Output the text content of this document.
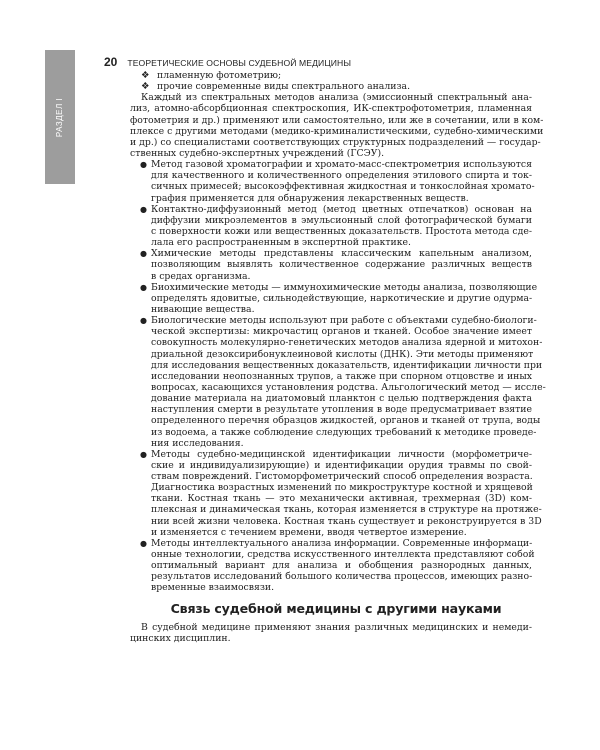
РАЗДЕЛ I
20 ТЕОРЕТИЧЕСКИЕ ОСНОВЫ СУДЕБНОЙ МЕДИЦИНЫ
❖ пламенную фотометрию;
❖ прочие современные виды спектрального анализа.
Каждый из спектральных методов анализа (эмиссионный спектральный ана-
лиз, атомно-абсорбционная спектроскопия, ИК-спектрофотометрия, пламенная
фотометрия и др.) применяют или самостоятельно, или же в сочетании, или в ком-
плексе с другими методами (медико-криминалистическими, судебно-химическими
и др.) со специалистами соответствующих структурных подразделений — государ-
ственных судебно-экспертных учреждений (ГСЭУ).
● Метод газовой хроматографии и хромато-масс-спектрометрия используются
для качественного и количественного определения этилового спирта и ток-
сичных примесей; высокоэффективная жидкостная и тонкослойная хромато-
графия применяется для обнаружения лекарственных веществ.
● Контактно-диффузионный метод (метод цветных отпечатков) основан на
диффузии микроэлементов в эмульсионный слой фотографической бумаги
с поверхности кожи или вещественных доказательств. Простота метода сде-
лала его распространенным в экспертной практике.
● Химические методы представлены классическим капельным анализом,
позволяющим выявлять количественное содержание различных веществ
в средах организма.
● Биохимические методы — иммунохимические методы анализа, позволяющие
определять ядовитые, сильнодействующие, наркотические и другие одурма-
нивающие вещества.
● Биологические методы используют при работе с объектами судебно-биологи-
ческой экспертизы: микрочастиц органов и тканей. Особое значение имеет
совокупность молекулярно-генетических методов анализа ядерной и митохон-
дриальной дезоксирибонуклеиновой кислоты (ДНК). Эти методы применяют
для исследования вещественных доказательств, идентификации личности при
исследовании неопознанных трупов, а также при спорном отцовстве и иных
вопросах, касающихся установления родства. Альгологический метод — иссле-
дование материала на диатомовый планктон с целью подтверждения факта
наступления смерти в результате утопления в воде предусматривает взятие
определенного перечня образцов жидкостей, органов и тканей от трупа, воды
из водоема, а также соблюдение следующих требований к методике проведе-
ния исследования.
● Методы судебно-медицинской идентификации личности (морфометриче-
ские и индивидуализирующие) и идентификации орудия травмы по свой-
ствам повреждений. Гистоморфометрический способ определения возраста.
Диагностика возрастных изменений по микроструктуре костной и хрящевой
ткани. Костная ткань — это механически активная, трехмерная (3D) ком-
плексная и динамическая ткань, которая изменяется в структуре на протяже-
нии всей жизни человека. Костная ткань существует и реконструируется в 3D
и изменяется с течением времени, вводя четвертое измерение.
● Методы интеллектуального анализа информации. Современные информаци-
онные технологии, средства искусственного интеллекта представляют собой
оптимальный вариант для анализа и обобщения разнородных данных,
результатов исследований большого количества процессов, имеющих разно-
временные взаимосвязи.
Связь судебной медицины с другими науками
В судебной медицине применяют знания различных медицинских и немеди-
цинских дисциплин.
